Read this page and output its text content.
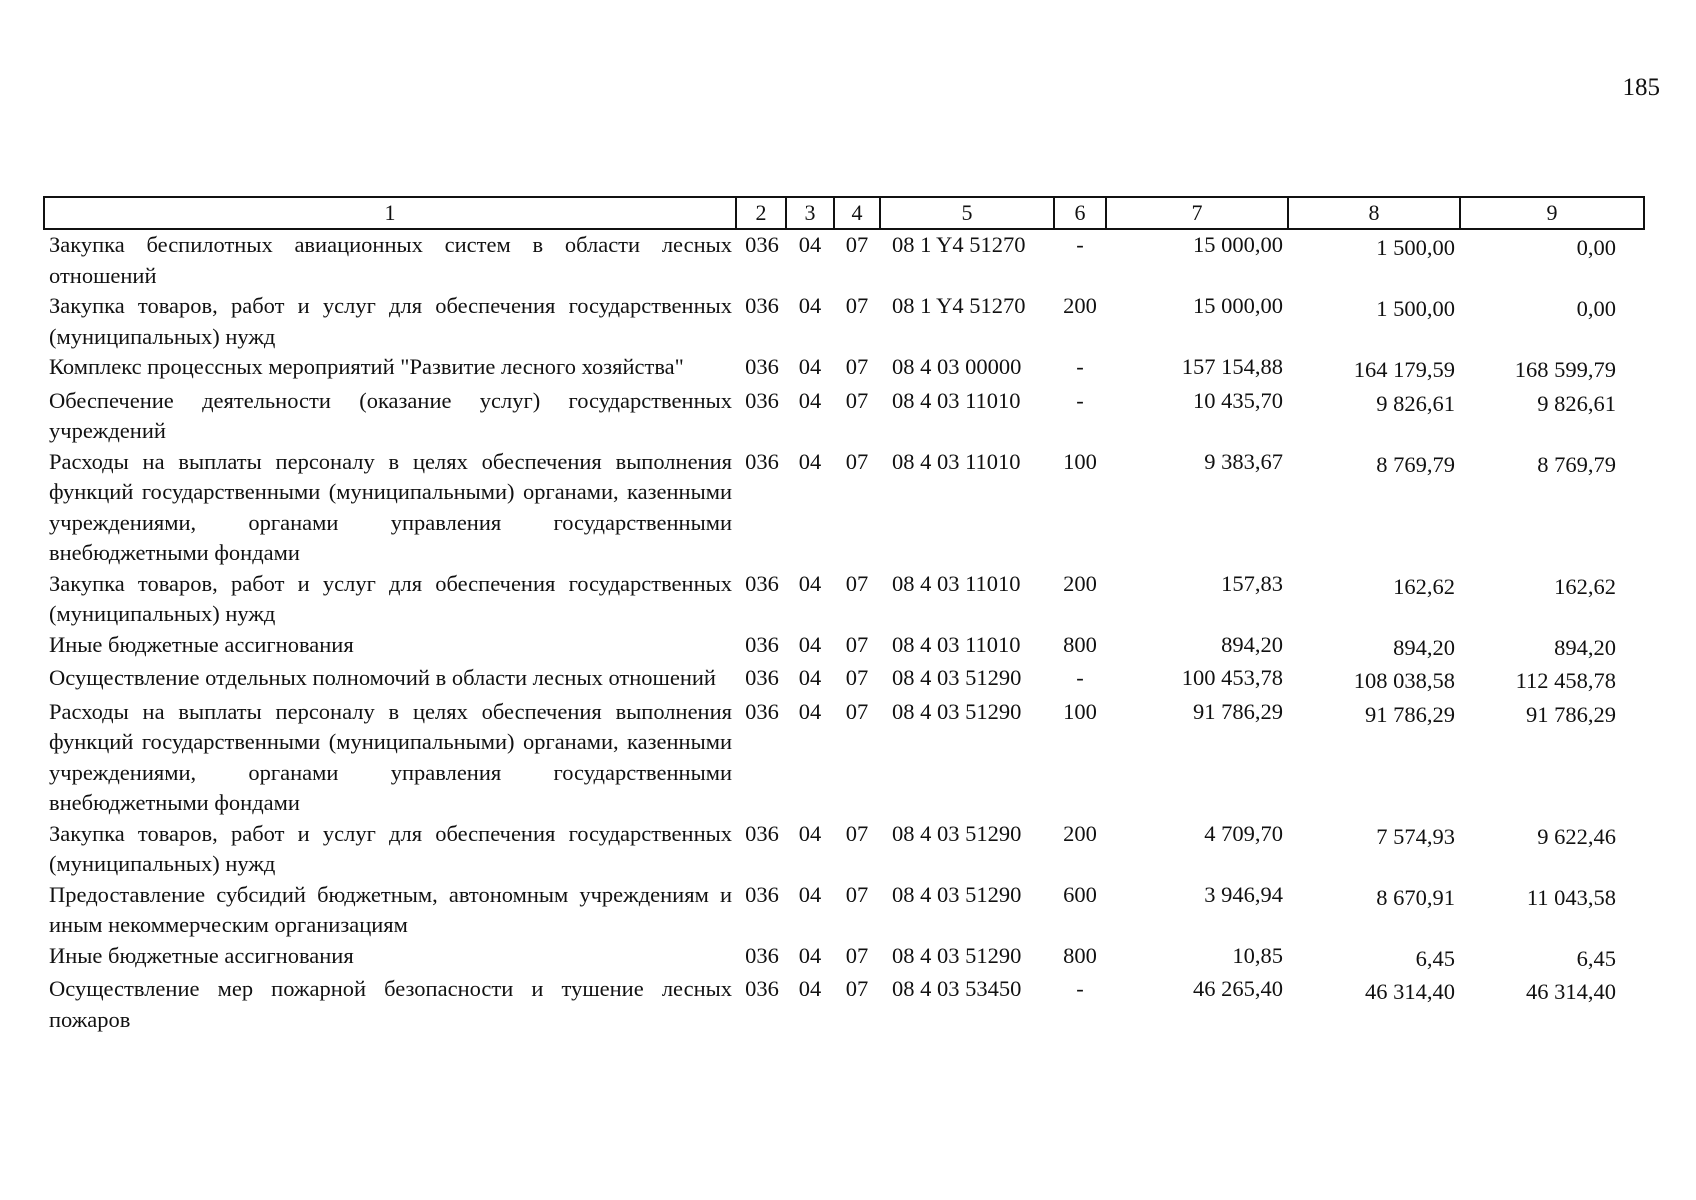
185
1	2	3	4	5	6	7	8	9
Закупка беспилотных авиационных систем в области лесных отношений	036	04	07	08 1 Y4 51270	-	15 000,00	1 500,00	0,00
Закупка товаров, работ и услуг для обеспечения государственных (муниципальных) нужд	036	04	07	08 1 Y4 51270	200	15 000,00	1 500,00	0,00
Комплекс процессных мероприятий "Развитие лесного хозяйства"	036	04	07	08 4 03 00000	-	157 154,88	164 179,59	168 599,79
Обеспечение деятельности (оказание услуг) государственных учреждений	036	04	07	08 4 03 11010	-	10 435,70	9 826,61	9 826,61
Расходы на выплаты персоналу в целях обеспечения выполнения функций государственными (муниципальными) органами, казенными учреждениями, органами управления государственными внебюджетными фондами	036	04	07	08 4 03 11010	100	9 383,67	8 769,79	8 769,79
Закупка товаров, работ и услуг для обеспечения государственных (муниципальных) нужд	036	04	07	08 4 03 11010	200	157,83	162,62	162,62
Иные бюджетные ассигнования	036	04	07	08 4 03 11010	800	894,20	894,20	894,20
Осуществление отдельных полномочий в области лесных отношений	036	04	07	08 4 03 51290	-	100 453,78	108 038,58	112 458,78
Расходы на выплаты персоналу в целях обеспечения выполнения функций государственными (муниципальными) органами, казенными учреждениями, органами управления государственными внебюджетными фондами	036	04	07	08 4 03 51290	100	91 786,29	91 786,29	91 786,29
Закупка товаров, работ и услуг для обеспечения государственных (муниципальных) нужд	036	04	07	08 4 03 51290	200	4 709,70	7 574,93	9 622,46
Предоставление субсидий бюджетным, автономным учреждениям и иным некоммерческим организациям	036	04	07	08 4 03 51290	600	3 946,94	8 670,91	11 043,58
Иные бюджетные ассигнования	036	04	07	08 4 03 51290	800	10,85	6,45	6,45
Осуществление мер пожарной безопасности и тушение лесных пожаров	036	04	07	08 4 03 53450	-	46 265,40	46 314,40	46 314,40
